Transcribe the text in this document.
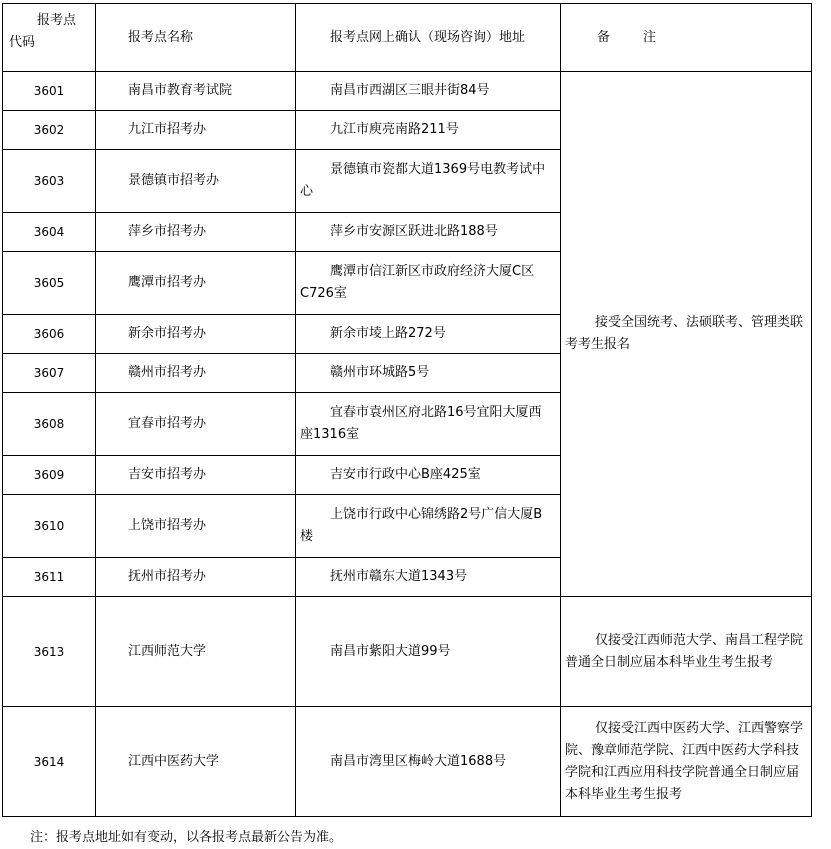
报考点
代码	报考点名称	报考点网上确认（现场咨询）地址	备        注
3601	南昌市教育考试院	南昌市西湖区三眼井街84号	接受全国统考、法硕联考、管理类联考考生报名

3602	九江市招考办	九江市庾亮南路211号	
3603	景德镇市招考办	景德镇市瓷都大道1369号电教考试中心	

3604	萍乡市招考办	萍乡市安源区跃进北路188号	
3605	鹰潭市招考办	鹰潭市信江新区市政府经济大厦C区C726室	

3606	新余市招考办	新余市堎上路272号	
3607	赣州市招考办	赣州市环城路5号	
3608	宜春市招考办	宜春市袁州区府北路16号宜阳大厦西座1316室	

3609	吉安市招考办	吉安市行政中心B座425室	
3610	上饶市招考办	上饶市行政中心锦绣路2号广信大厦B楼	

3611	抚州市招考办	抚州市赣东大道1343号	
3613	江西师范大学	南昌市紫阳大道99号	仅接受江西师范大学、南昌工程学院普通全日制应届本科毕业生考生报考

3614	江西中医药大学	南昌市湾里区梅岭大道1688号	仅接受江西中医药大学、江西警察学院、豫章师范学院、江西中医药大学科技学院和江西应用科技学院普通全日制应届本科毕业生考生报考
注：报考点地址如有变动，以各报考点最新公告为准。
